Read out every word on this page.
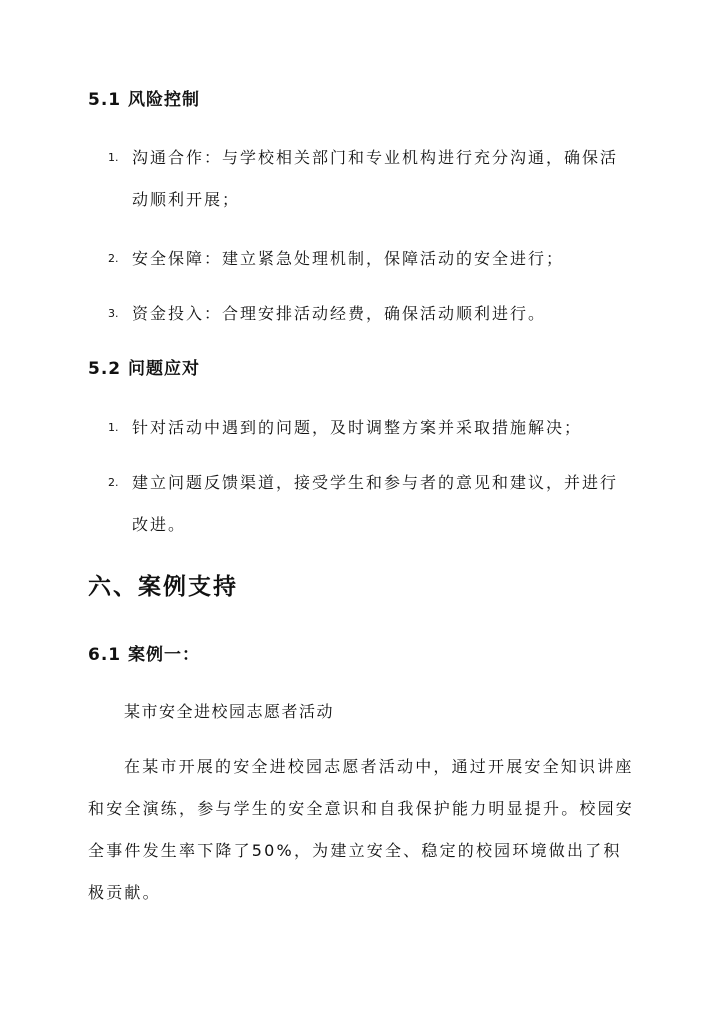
5.1 风险控制
1. 沟通合作：与学校相关部门和专业机构进行充分沟通，确保活动顺利开展；
2. 安全保障：建立紧急处理机制，保障活动的安全进行；
3. 资金投入：合理安排活动经费，确保活动顺利进行。
5.2 问题应对
1. 针对活动中遇到的问题，及时调整方案并采取措施解决；
2. 建立问题反馈渠道，接受学生和参与者的意见和建议，并进行改进。
六、案例支持
6.1 案例一：
某市安全进校园志愿者活动
在某市开展的安全进校园志愿者活动中，通过开展安全知识讲座和安全演练，参与学生的安全意识和自我保护能力明显提升。校园安全事件发生率下降了50%，为建立安全、稳定的校园环境做出了积极贡献。
